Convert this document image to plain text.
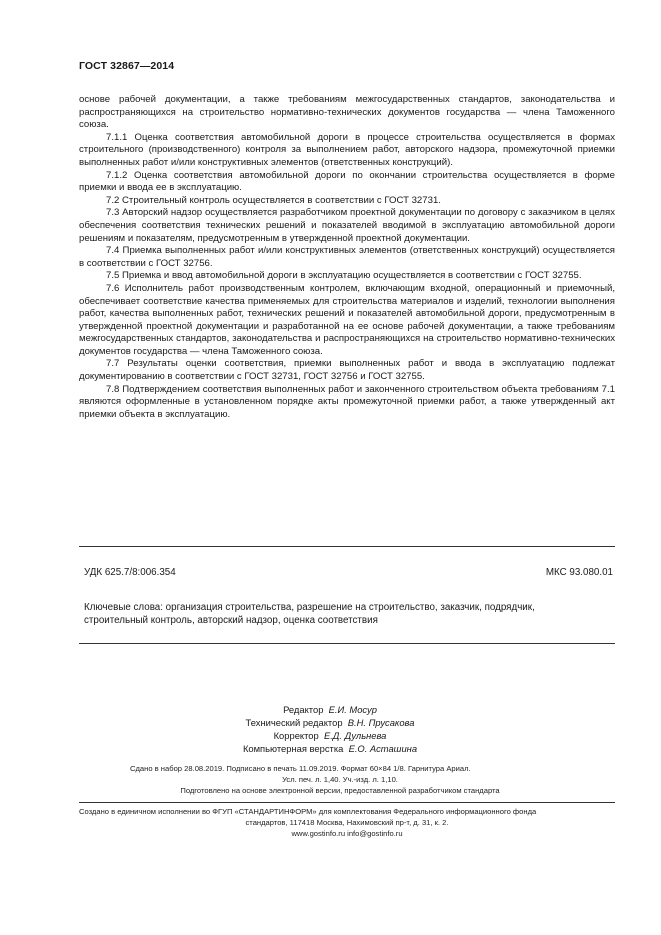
ГОСТ 32867—2014

основе рабочей документации, а также требованиям межгосударственных стандартов, законодательства и распространяющихся на строительство нормативно-технических документов государства — члена Таможенного союза.

7.1.1 Оценка соответствия автомобильной дороги в процессе строительства осуществляется в формах строительного (производственного) контроля за выполнением работ, авторского надзора, промежуточной приемки выполненных работ и/или конструктивных элементов (ответственных конструкций).

7.1.2 Оценка соответствия автомобильной дороги по окончании строительства осуществляется в форме приемки и ввода ее в эксплуатацию.

7.2 Строительный контроль осуществляется в соответствии с ГОСТ 32731.

7.3 Авторский надзор осуществляется разработчиком проектной документации по договору с заказчиком в целях обеспечения соответствия технических решений и показателей вводимой в эксплуатацию автомобильной дороги решениям и показателям, предусмотренным в утвержденной проектной документации.

7.4 Приемка выполненных работ и/или конструктивных элементов (ответственных конструкций) осуществляется в соответствии с ГОСТ 32756.

7.5 Приемка и ввод автомобильной дороги в эксплуатацию осуществляется в соответствии с ГОСТ 32755.

7.6 Исполнитель работ производственным контролем, включающим входной, операционный и приемочный, обеспечивает соответствие качества применяемых для строительства материалов и изделий, технологии выполнения работ, качества выполненных работ, технических решений и показателей автомобильной дороги, предусмотренным в утвержденной проектной документации и разработанной на ее основе рабочей документации, а также требованиям межгосударственных стандартов, законодательства и распространяющихся на строительство нормативно-технических документов государства — члена Таможенного союза.

7.7 Результаты оценки соответствия, приемки выполненных работ и ввода в эксплуатацию подлежат документированию в соответствии с ГОСТ 32731, ГОСТ 32756 и ГОСТ 32755.

7.8 Подтверждением соответствия выполненных работ и законченного строительством объекта требованиям 7.1 являются оформленные в установленном порядке акты промежуточной приемки работ, а также утвержденный акт приемки объекта в эксплуатацию.

УДК 625.7/8:006.354	МКС 93.080.01
Ключевые слова: организация строительства, разрешение на строительство, заказчик, подрядчик,
строительный контроль, авторский надзор, оценка соответствия
Редактор Е.И. Мосур
Технический редактор В.Н. Прусакова
Корректор Е.Д. Дульнева
Компьютерная верстка Е.О. Асташина
Сдано в набор 28.08.2019. Подписано в печать 11.09.2019. Формат 60×84 1/8. Гарнитура Ариал.
Усл. печ. л. 1,40. Уч.-изд. л. 1,10.
Подготовлено на основе электронной версии, предоставленной разработчиком стандарта
Создано в единичном исполнении во ФГУП «СТАНДАРТИНФОРМ» для комплектования Федерального информационного фонда
стандартов, 117418 Москва, Нахимовский пр-т, д. 31, к. 2.
www.gostinfo.ru info@gostinfo.ru
